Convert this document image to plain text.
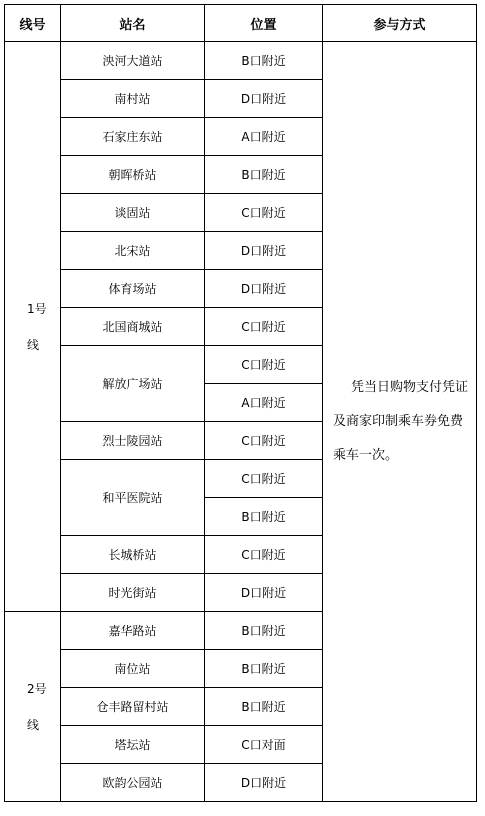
线号	站名	位置	参与方式

1号
线	泱河大道站	B口附近	凭当日购物支付凭证及商家印制乘车券免费乘车一次。

	南村站	D口附近	
	石家庄东站	A口附近	
	朝晖桥站	B口附近	
	谈固站	C口附近	
	北宋站	D口附近	
	体育场站	D口附近	
	北国商城站	C口附近	
	解放广场站	C口附近	
		A口附近	
	烈士陵园站	C口附近	
	和平医院站	C口附近	
		B口附近	
	长城桥站	C口附近	
	时光街站	D口附近	

2号
线	嘉华路站	B口附近	
	南位站	B口附近	
	仓丰路留村站	B口附近	
	塔坛站	C口对面	
	欧韵公园站	D口附近	
